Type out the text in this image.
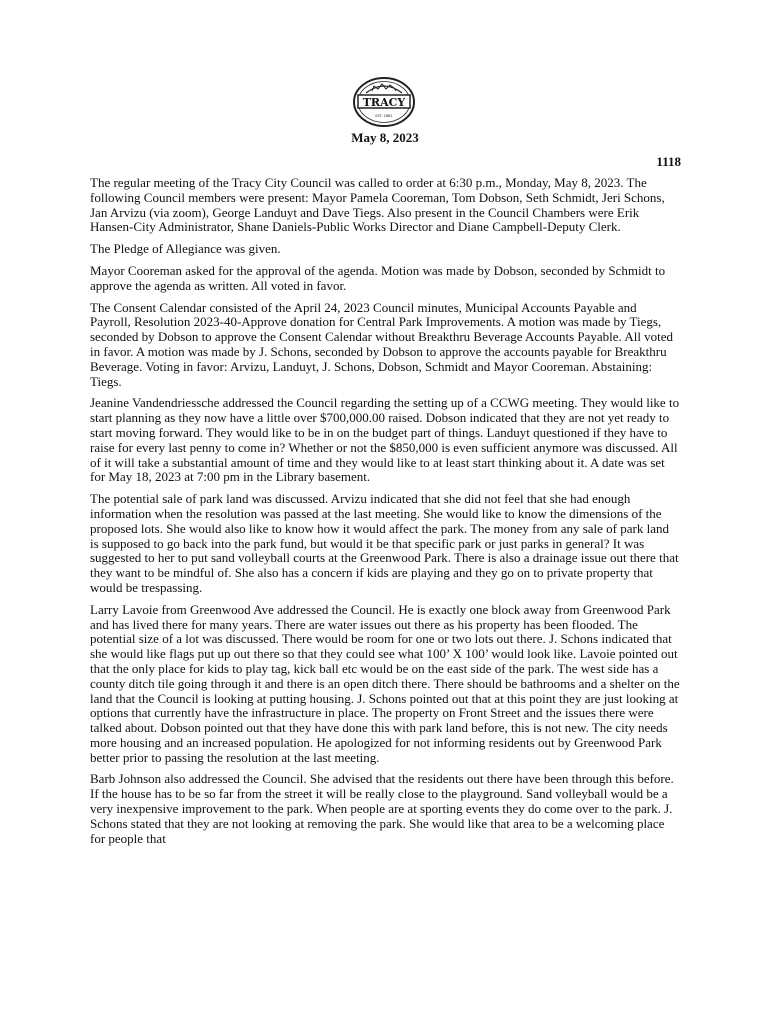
TRACY
EST. 1881
May 8, 2023
1118

The regular meeting of the Tracy City Council was called to order at 6:30 p.m., Monday, May 8, 2023. The following Council members were present: Mayor Pamela Cooreman, Tom Dobson, Seth Schmidt, Jeri Schons, Jan Arvizu (via zoom), George Landuyt and Dave Tiegs. Also present in the Council Chambers were Erik Hansen-City Administrator, Shane Daniels-Public Works Director and Diane Campbell-Deputy Clerk.

The Pledge of Allegiance was given.

Mayor Cooreman asked for the approval of the agenda. Motion was made by Dobson, seconded by Schmidt to approve the agenda as written. All voted in favor.

The Consent Calendar consisted of the April 24, 2023 Council minutes, Municipal Accounts Payable and Payroll, Resolution 2023-40-Approve donation for Central Park Improvements. A motion was made by Tiegs, seconded by Dobson to approve the Consent Calendar without Breakthru Beverage Accounts Payable. All voted in favor. A motion was made by J. Schons, seconded by Dobson to approve the accounts payable for Breakthru Beverage. Voting in favor: Arvizu, Landuyt, J. Schons, Dobson, Schmidt and Mayor Cooreman. Abstaining: Tiegs.

Jeanine Vandendriessche addressed the Council regarding the setting up of a CCWG meeting. They would like to start planning as they now have a little over $700,000.00 raised. Dobson indicated that they are not yet ready to start moving forward. They would like to be in on the budget part of things. Landuyt questioned if they have to raise for every last penny to come in? Whether or not the $850,000 is even sufficient anymore was discussed. All of it will take a substantial amount of time and they would like to at least start thinking about it. A date was set for May 18, 2023 at 7:00 pm in the Library basement.

The potential sale of park land was discussed. Arvizu indicated that she did not feel that she had enough information when the resolution was passed at the last meeting. She would like to know the dimensions of the proposed lots. She would also like to know how it would affect the park. The money from any sale of park land is supposed to go back into the park fund, but would it be that specific park or just parks in general? It was suggested to her to put sand volleyball courts at the Greenwood Park. There is also a drainage issue out there that they want to be mindful of. She also has a concern if kids are playing and they go on to private property that would be trespassing.

Larry Lavoie from Greenwood Ave addressed the Council. He is exactly one block away from Greenwood Park and has lived there for many years. There are water issues out there as his property has been flooded. The potential size of a lot was discussed. There would be room for one or two lots out there. J. Schons indicated that she would like flags put up out there so that they could see what 100’ X 100’ would look like. Lavoie pointed out that the only place for kids to play tag, kick ball etc would be on the east side of the park. The west side has a county ditch tile going through it and there is an open ditch there. There should be bathrooms and a shelter on the land that the Council is looking at putting housing. J. Schons pointed out that at this point they are just looking at options that currently have the infrastructure in place. The property on Front Street and the issues there were talked about. Dobson pointed out that they have done this with park land before, this is not new. The city needs more housing and an increased population. He apologized for not informing residents out by Greenwood Park better prior to passing the resolution at the last meeting.

Barb Johnson also addressed the Council. She advised that the residents out there have been through this before. If the house has to be so far from the street it will be really close to the playground. Sand volleyball would be a very inexpensive improvement to the park. When people are at sporting events they do come over to the park. J. Schons stated that they are not looking at removing the park. She would like that area to be a welcoming place for people that
